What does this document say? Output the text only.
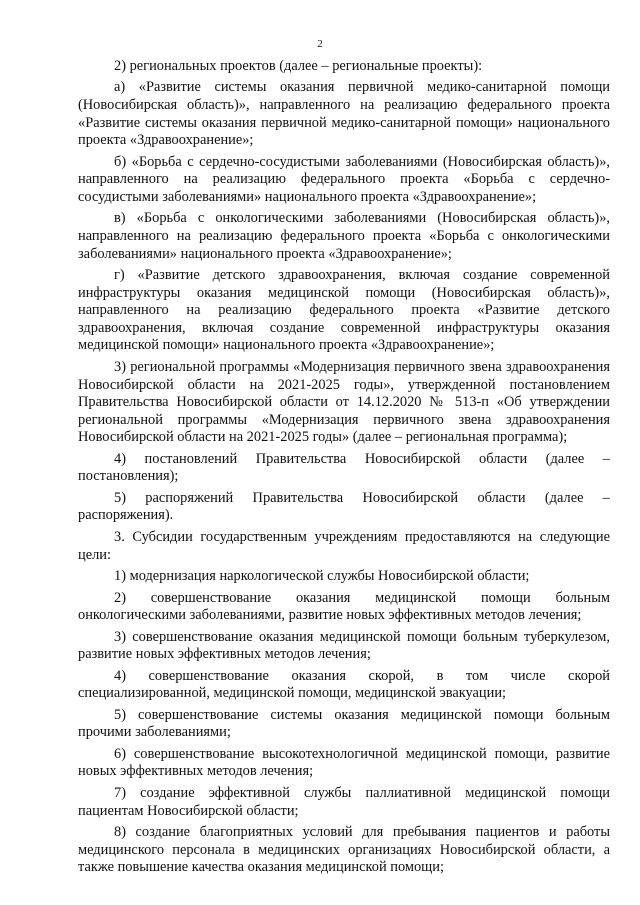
2

2) региональных проектов (далее – региональные проекты):

а) «Развитие системы оказания первичной медико-санитарной помощи (Новосибирская область)», направленного на реализацию федерального проекта «Развитие системы оказания первичной медико-санитарной помощи» национального проекта «Здравоохранение»;

б) «Борьба с сердечно-сосудистыми заболеваниями (Новосибирская область)», направленного на реализацию федерального проекта «Борьба с сердечно-сосудистыми заболеваниями» национального проекта «Здравоохранение»;

в) «Борьба с онкологическими заболеваниями (Новосибирская область)», направленного на реализацию федерального проекта «Борьба с онкологическими заболеваниями» национального проекта «Здравоохранение»;

г) «Развитие детского здравоохранения, включая создание современной инфраструктуры оказания медицинской помощи (Новосибирская область)», направленного на реализацию федерального проекта «Развитие детского здравоохранения, включая создание современной инфраструктуры оказания медицинской помощи» национального проекта «Здравоохранение»;

3) региональной программы «Модернизация первичного звена здравоохранения Новосибирской области на 2021-2025 годы», утвержденной постановлением Правительства Новосибирской области от 14.12.2020 № 513-п «Об утверждении региональной программы «Модернизация первичного звена здравоохранения Новосибирской области на 2021-2025 годы» (далее – региональная программа);

4) постановлений Правительства Новосибирской области (далее – постановления);

5) распоряжений Правительства Новосибирской области (далее – распоряжения).

3. Субсидии государственным учреждениям предоставляются на следующие цели:

1) модернизация наркологической службы Новосибирской области;

2) совершенствование оказания медицинской помощи больным онкологическими заболеваниями, развитие новых эффективных методов лечения;

3) совершенствование оказания медицинской помощи больным туберкулезом, развитие новых эффективных методов лечения;

4) совершенствование оказания скорой, в том числе скорой специализированной, медицинской помощи, медицинской эвакуации;

5) совершенствование системы оказания медицинской помощи больным прочими заболеваниями;

6) совершенствование высокотехнологичной медицинской помощи, развитие новых эффективных методов лечения;

7) создание эффективной службы паллиативной медицинской помощи пациентам Новосибирской области;

8) создание благоприятных условий для пребывания пациентов и работы медицинского персонала в медицинских организациях Новосибирской области, а также повышение качества оказания медицинской помощи;
